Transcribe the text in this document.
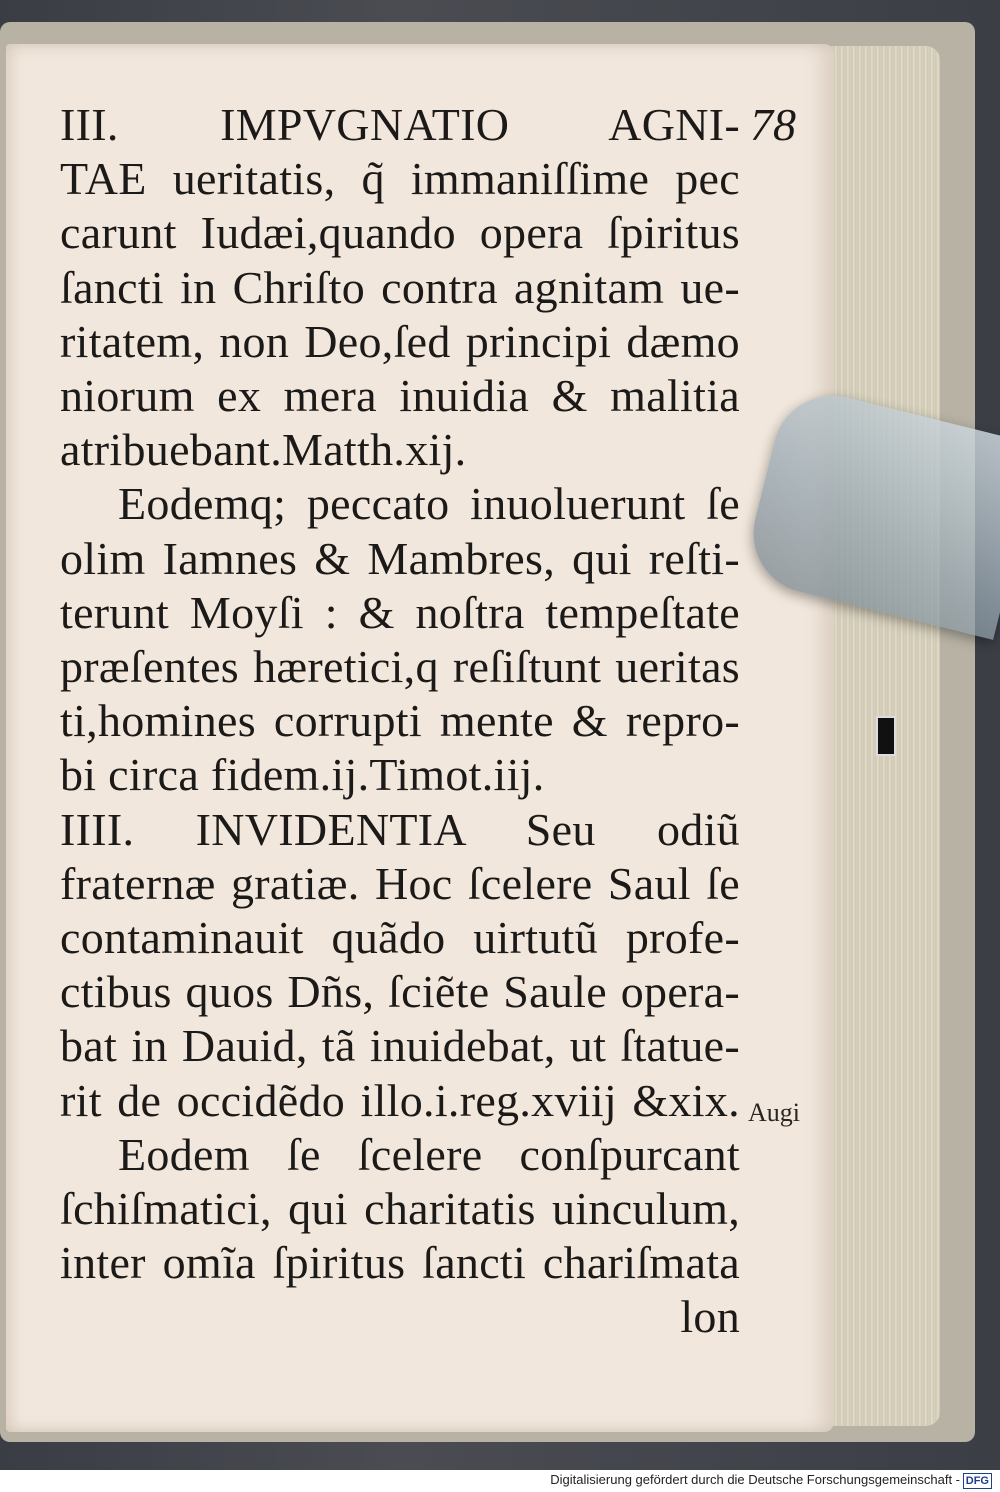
78
III. IMPVGNATIO AGNI-
TAE ueritatis, q̃ immaniſſime pec
carunt Iudæi,quando opera ſpiritus
ſancti in Chriſto contra agnitam ue-
ritatem, non Deo,ſed principi dæmo
niorum ex mera inuidia & malitia
atribuebant.Matth.xij.
Eodemq; peccato inuoluerunt ſe
olim Iamnes & Mambres, qui reſti-
terunt Moyſi : & noſtra tempeſtate
præſentes hæretici,q reſiſtunt ueritas
ti,homines corrupti mente & repro-
bi circa fidem.ij.Timot.iij.
IIII. INVIDENTIA Seu odiũ
fraternæ gratiæ. Hoc ſcelere Saul ſe
contaminauit quãdo uirtutũ profe-
ctibus quos Dñs, ſciẽte Saule opera-
bat in Dauid, tã inuidebat, ut ſtatue-
rit de occidẽdo illo.i.reg.xviij &xix.
Eodem ſe ſcelere conſpurcant
ſchiſmatici, qui charitatis uinculum,
inter omĩa ſpiritus ſancti chariſmata
lon
Augi
Digitalisierung gefördert durch die Deutsche Forschungsgemeinschaft - DFG
